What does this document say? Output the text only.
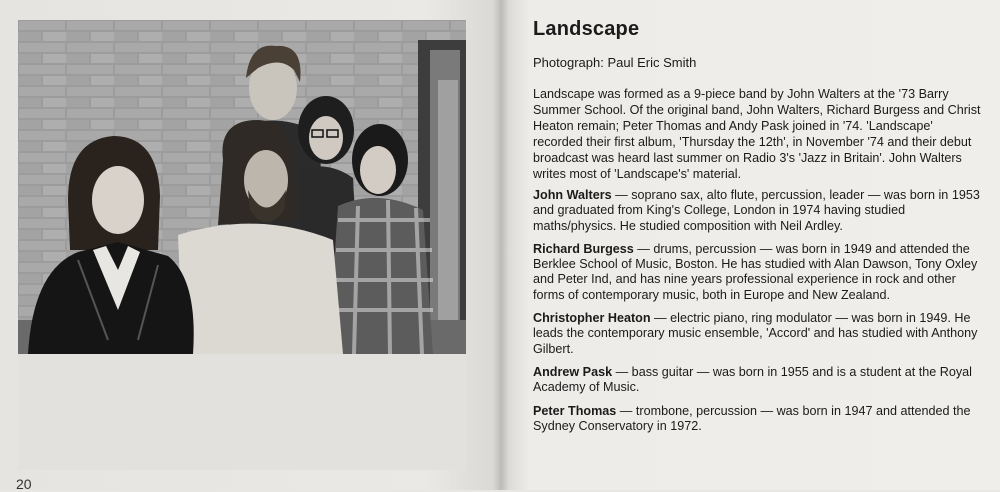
20
Landscape

Photograph: Paul Eric Smith

Landscape was formed as a 9-piece band by John Walters at the '73 Barry Summer School. Of the original band, John Walters, Richard Burgess and Christ Heaton remain; Peter Thomas and Andy Pask joined in '74. 'Landscape' recorded their first album, 'Thursday the 12th', in November '74 and their debut broadcast was heard last summer on Radio 3's 'Jazz in Britain'. John Walters writes most of 'Landscape's' material.

John Walters — soprano sax, alto flute, percussion, leader — was born in 1953 and graduated from King's College, London in 1974 having studied maths/physics. He studied composition with Neil Ardley.

Richard Burgess — drums, percussion — was born in 1949 and attended the Berklee School of Music, Boston. He has studied with Alan Dawson, Tony Oxley and Peter Ind, and has nine years professional experience in rock and other forms of contemporary music, both in Europe and New Zealand.

Christopher Heaton — electric piano, ring modulator — was born in 1949. He leads the contemporary music ensemble, 'Accord' and has studied with Anthony Gilbert.

Andrew Pask — bass guitar — was born in 1955 and is a student at the Royal Academy of Music.

Peter Thomas — trombone, percussion — was born in 1947 and attended the Sydney Conservatory in 1972.
